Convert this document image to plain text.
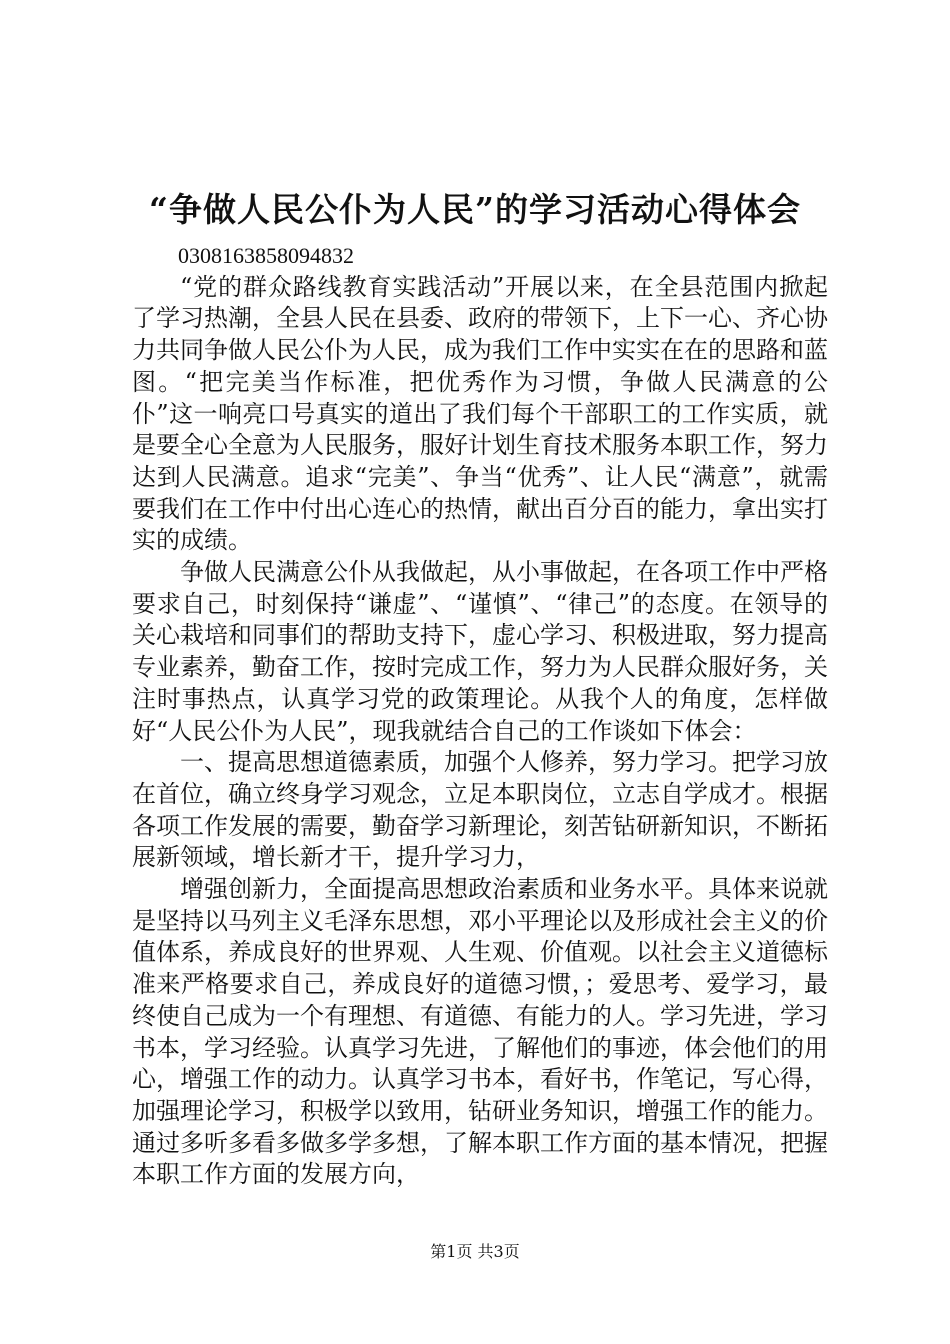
“争做人民公仆为人民”的学习活动心得体会

0308163858094832

“党的群众路线教育实践活动”开展以来，在全县范围内掀起了学习热潮，全县人民在县委、政府的带领下，上下一心、齐心协力共同争做人民公仆为人民，成为我们工作中实实在在的思路和蓝图。“把完美当作标准，把优秀作为习惯，争做人民满意的公仆”这一响亮口号真实的道出了我们每个干部职工的工作实质，就是要全心全意为人民服务，服好计划生育技术服务本职工作，努力达到人民满意。追求“完美”、争当“优秀”、让人民“满意”，就需要我们在工作中付出心连心的热情，献出百分百的能力，拿出实打实的成绩。

争做人民满意公仆从我做起，从小事做起，在各项工作中严格要求自己，时刻保持“谦虚”、“谨慎”、“律己”的态度。在领导的关心栽培和同事们的帮助支持下，虚心学习、积极进取，努力提高专业素养，勤奋工作，按时完成工作，努力为人民群众服好务，关注时事热点，认真学习党的政策理论。从我个人的角度，怎样做好“人民公仆为人民”，现我就结合自己的工作谈如下体会：

一、提高思想道德素质，加强个人修养，努力学习。把学习放在首位，确立终身学习观念，立足本职岗位，立志自学成才。根据各项工作发展的需要，勤奋学习新理论，刻苦钻研新知识，不断拓展新领域，增长新才干，提升学习力，

增强创新力，全面提高思想政治素质和业务水平。具体来说就是坚持以马列主义毛泽东思想，邓小平理论以及形成社会主义的价值体系，养成良好的世界观、人生观、价值观。以社会主义道德标准来严格要求自己，养成良好的道德习惯，；爱思考、爱学习，最终使自己成为一个有理想、有道德、有能力的人。学习先进，学习书本，学习经验。认真学习先进，了解他们的事迹，体会他们的用心，增强工作的动力。认真学习书本，看好书，作笔记，写心得，加强理论学习，积极学以致用，钻研业务知识，增强工作的能力。通过多听多看多做多学多想，了解本职工作方面的基本情况，把握本职工作方面的发展方向，

第1页 共3页
